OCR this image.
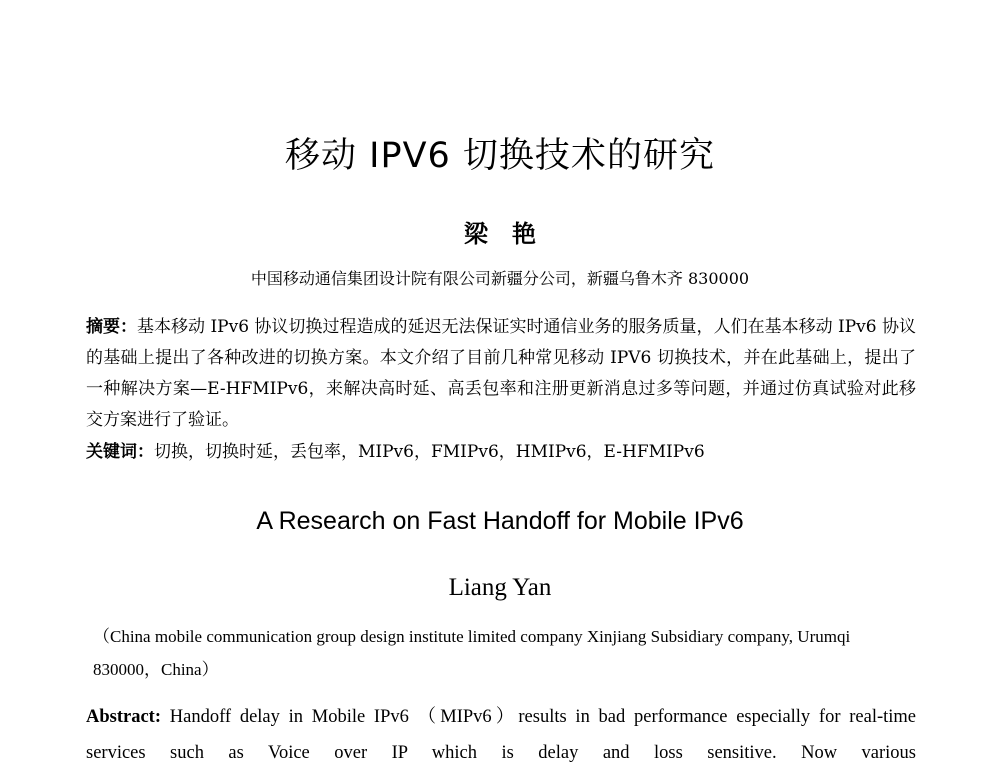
移动 IPV6 切换技术的研究
梁艳
中国移动通信集团设计院有限公司新疆分公司，新疆乌鲁木齐 830000
摘要：基本移动 IPv6 协议切换过程造成的延迟无法保证实时通信业务的服务质量，人们在基本移动 IPv6 协议的基础上提出了各种改进的切换方案。本文介绍了目前几种常见移动 IPV6 切换技术，并在此基础上，提出了一种解决方案—E-HFMIPv6，来解决高时延、高丢包率和注册更新消息过多等问题，并通过仿真试验对此移交方案进行了验证。
关键词：切换，切换时延，丢包率，MIPv6，FMIPv6，HMIPv6，E-HFMIPv6
A Research on Fast Handoff for Mobile IPv6
Liang Yan
（China mobile communication group design institute limited company Xinjiang Subsidiary company, Urumqi 830000，China）
Abstract: Handoff delay in Mobile IPv6 （MIPv6）results in bad performance especially for real-time services such as Voice over IP which is delay and loss sensitive. Now various
